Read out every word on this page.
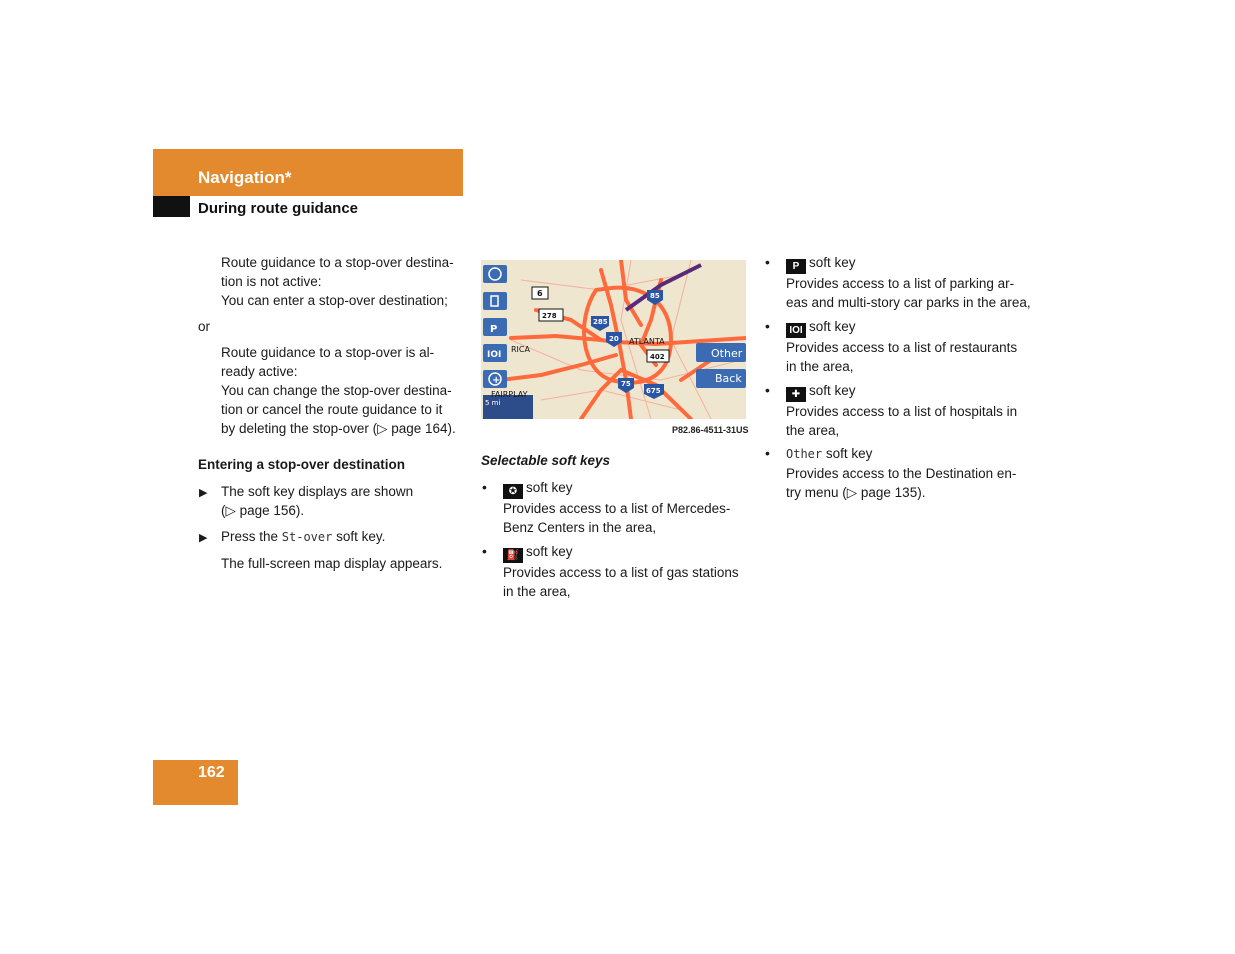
Navigation*
During route guidance
Route guidance to a stop-over destina-
tion is not active:
You can enter a stop-over destination;
or
Route guidance to a stop-over is al-
ready active:
You can change the stop-over destina-
tion or cancel the route guidance to it
by deleting the stop-over (▷ page 164).
Entering a stop-over destination
▶ The soft key displays are shown
(▷ page 156).
▶ Press the St-over soft key.
The full-screen map display appears.
P
IOI
+
5 mi
Other
Back
6
278
RICA
ATLANTA
FAIRPLAY
402
285
85
75
20
675
P82.86-4511-31US
Selectable soft keys
•	✪ soft key
Provides access to a list of Mercedes-
Benz Centers in the area,
•	⛽ soft key
Provides access to a list of gas stations
in the area,
•	P soft key
Provides access to a list of parking ar-
eas and multi-story car parks in the area,
•	IOI soft key
Provides access to a list of restaurants
in the area,
•	✚ soft key
Provides access to a list of hospitals in
the area,
• Other soft key
Provides access to the Destination en-
try menu (▷ page 135).
162
